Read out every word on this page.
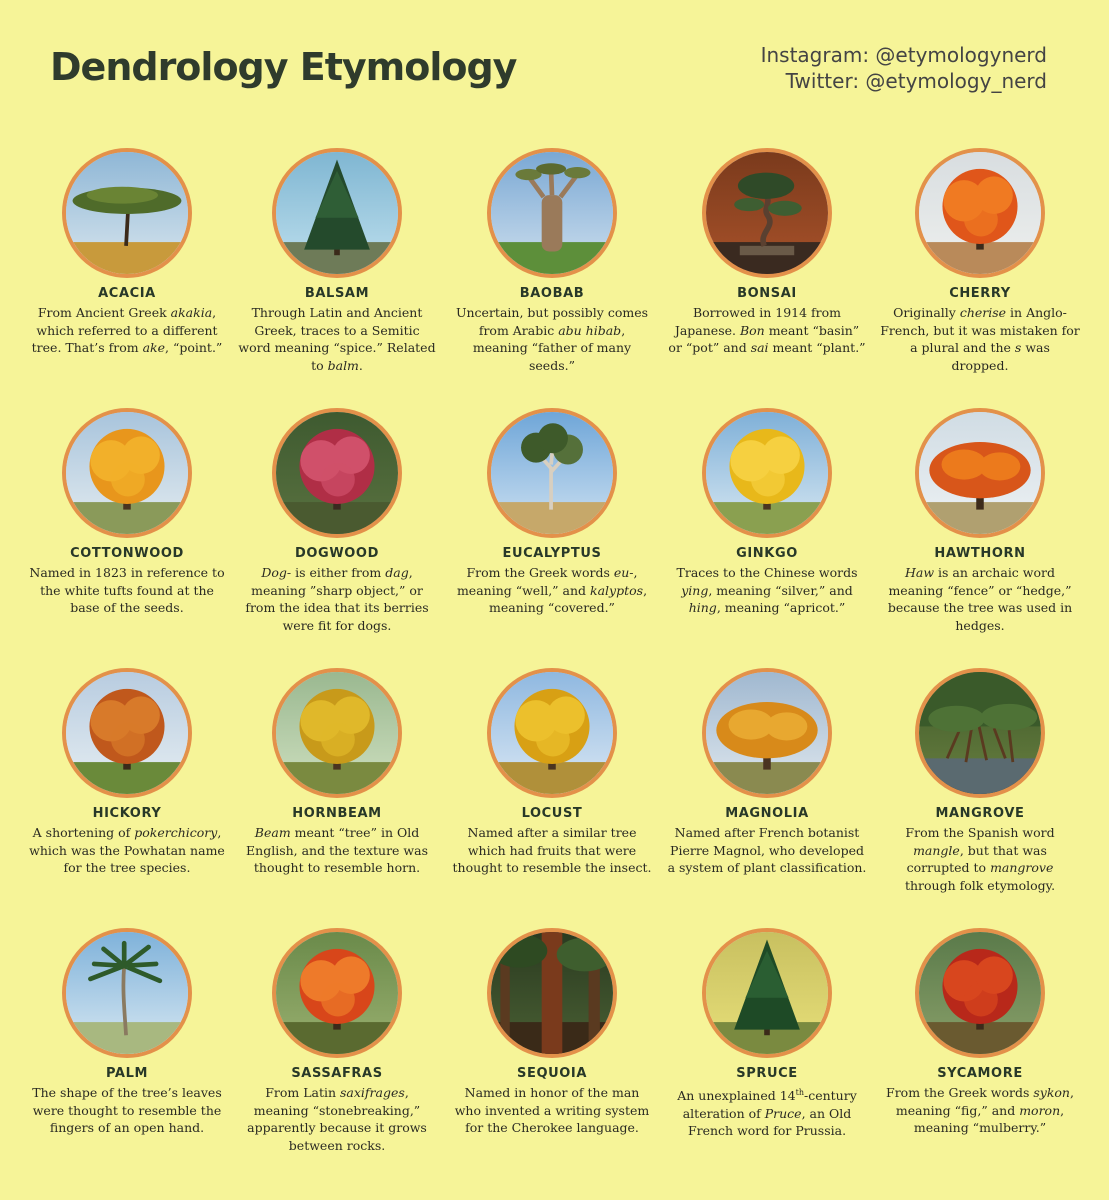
Dendrology Etymology	Instagram: @etymologynerd
Twitter: @etymology_nerd
ACACIA
From Ancient Greek akakia, which referred to a different tree. That’s from ake, “point.”
BALSAM
Through Latin and Ancient Greek, traces to a Semitic word meaning “spice.” Related to balm.
BAOBAB
Uncertain, but possibly comes from Arabic abu hibab, meaning “father of many seeds.”
BONSAI
Borrowed in 1914 from Japanese. Bon meant “basin” or “pot” and sai meant “plant.”
CHERRY
Originally cherise in Anglo-French, but it was mistaken for a plural and the s was dropped.
COTTONWOOD
Named in 1823 in reference to the white tufts found at the base of the seeds.
DOGWOOD
Dog- is either from dag, meaning ”sharp object,” or from the idea that its berries were fit for dogs.
EUCALYPTUS
From the Greek words eu-, meaning “well,” and kalyptos, meaning “covered.”
GINKGO
Traces to the Chinese words ying, meaning “silver,” and hing, meaning “apricot.”
HAWTHORN
Haw is an archaic word meaning “fence” or “hedge,” because the tree was used in hedges.
HICKORY
A shortening of pokerchicory, which was the Powhatan name for the tree species.
HORNBEAM
Beam meant “tree” in Old English, and the texture was thought to resemble horn.
LOCUST
Named after a similar tree which had fruits that were thought to resemble the insect.
MAGNOLIA
Named after French botanist Pierre Magnol, who developed a system of plant classification.
MANGROVE
From the Spanish word mangle, but that was corrupted to mangrove through folk etymology.
PALM
The shape of the tree’s leaves were thought to resemble the fingers of an open hand.
SASSAFRAS
From Latin saxifrages, meaning “stonebreaking,” apparently because it grows between rocks.
SEQUOIA
Named in honor of the man who invented a writing system for the Cherokee language.
SPRUCE
An unexplained 14th-century alteration of Pruce, an Old French word for Prussia.
SYCAMORE
From the Greek words sykon, meaning “fig,” and moron, meaning “mulberry.”
